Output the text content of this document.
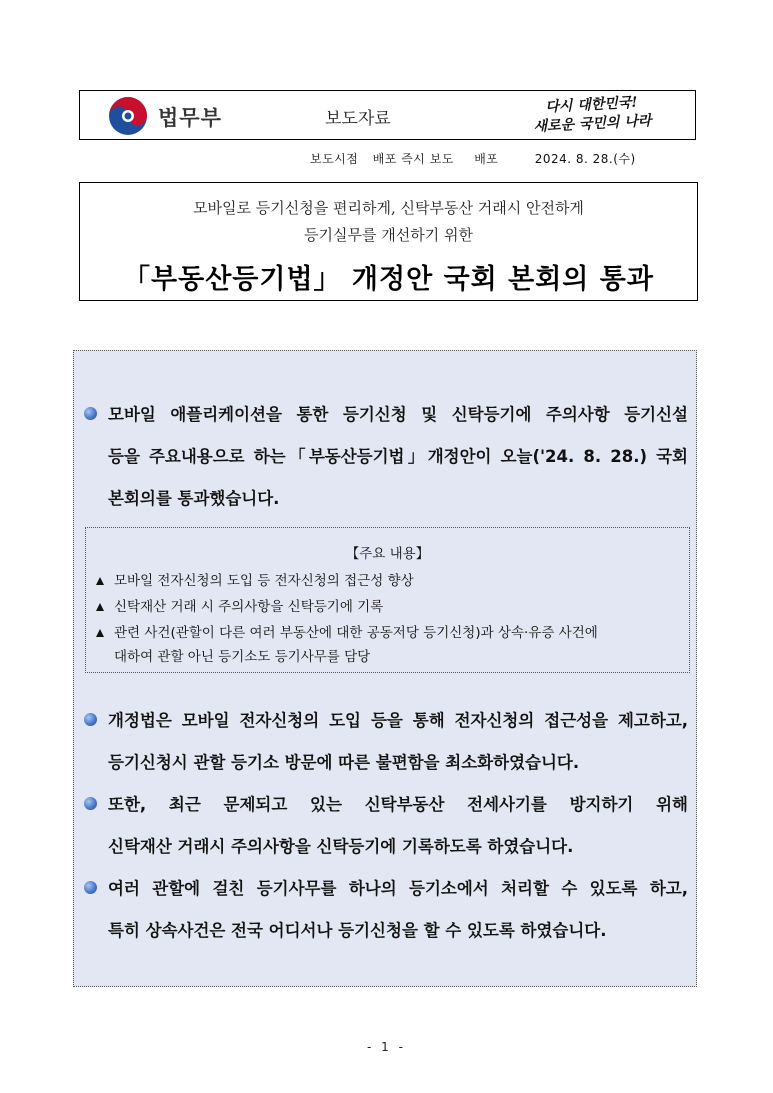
법무부	보도자료
다시 대한민국!
새로운 국민의 나라
보도시점 배포 즉시 보도 배포	2024. 8. 28.(수)
모바일로 등기신청을 편리하게, 신탁부동산 거래시 안전하게
등기실무를 개선하기 위한
「부동산등기법」 개정안 국회 본회의 통과
모바일 애플리케이션을 통한 등기신청 및 신탁등기에 주의사항 등기신설
등을 주요내용으로 하는「부동산등기법」개정안이 오늘('24. 8. 28.) 국회
본회의를 통과했습니다.
【주요 내용】
모바일 전자신청의 도입 등 전자신청의 접근성 향상
신탁재산 거래 시 주의사항을 신탁등기에 기록
관련 사건(관할이 다른 여러 부동산에 대한 공동저당 등기신청)과 상속·유증 사건에
대하여 관할 아닌 등기소도 등기사무를 담당
개정법은 모바일 전자신청의 도입 등을 통해 전자신청의 접근성을 제고하고,
등기신청시 관할 등기소 방문에 따른 불편함을 최소화하였습니다.
또한, 최근 문제되고 있는 신탁부동산 전세사기를 방지하기 위해
신탁재산 거래시 주의사항을 신탁등기에 기록하도록 하였습니다.
여러 관할에 걸친 등기사무를 하나의 등기소에서 처리할 수 있도록 하고,
특히 상속사건은 전국 어디서나 등기신청을 할 수 있도록 하였습니다.
- 1 -
